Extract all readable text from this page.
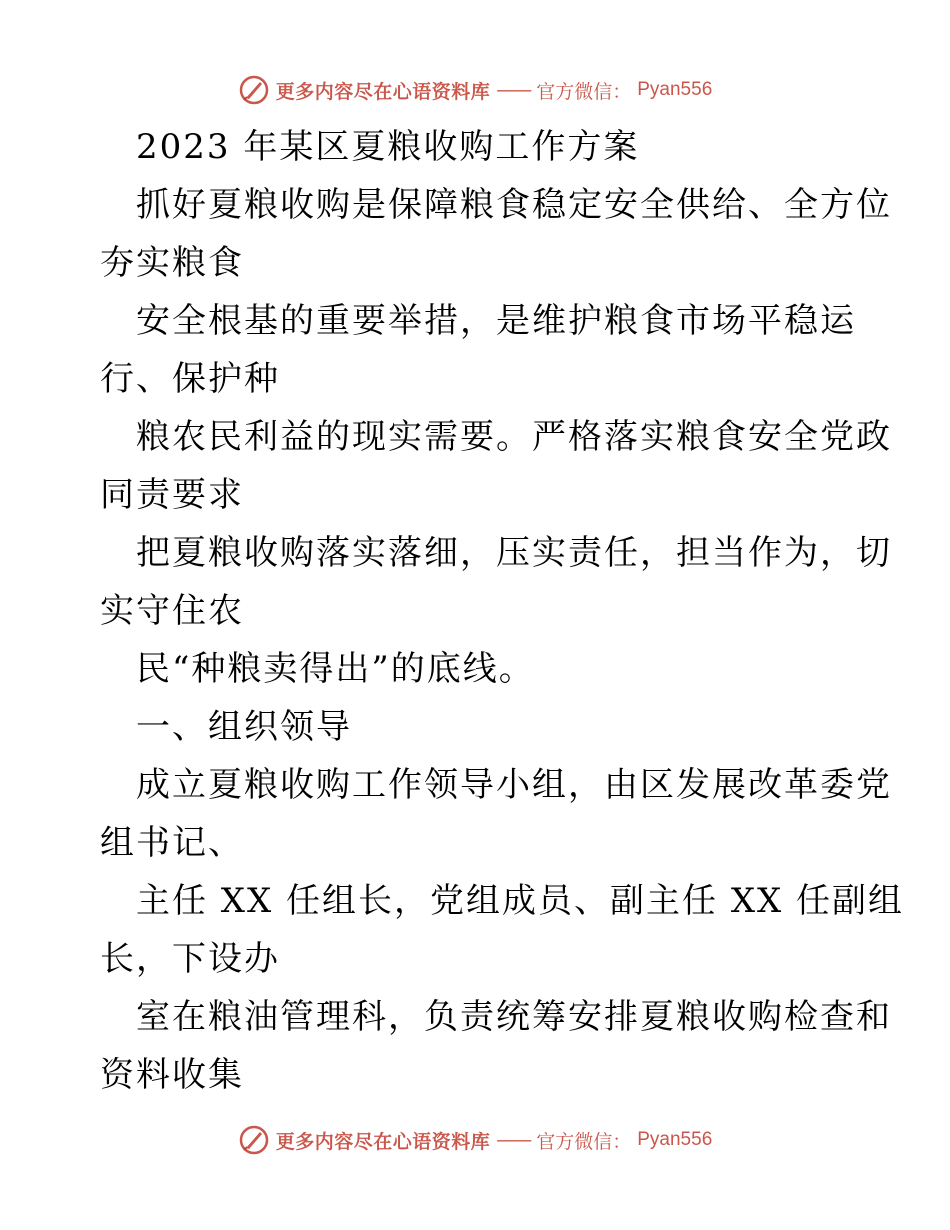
更多内容尽在心语资料库 —— 官方微信： Pyan556
2023 年某区夏粮收购工作方案
抓好夏粮收购是保障粮食稳定安全供给、全方位
夯实粮食
安全根基的重要举措，是维护粮食市场平稳运
行、保护种
粮农民利益的现实需要。严格落实粮食安全党政
同责要求
把夏粮收购落实落细，压实责任，担当作为，切
实守住农
民“种粮卖得出”的底线。
一、组织领导
成立夏粮收购工作领导小组，由区发展改革委党
组书记、
主任 XX 任组长，党组成员、副主任 XX 任副组
长，下设办
室在粮油管理科，负责统筹安排夏粮收购检查和
资料收集
更多内容尽在心语资料库 —— 官方微信： Pyan556
